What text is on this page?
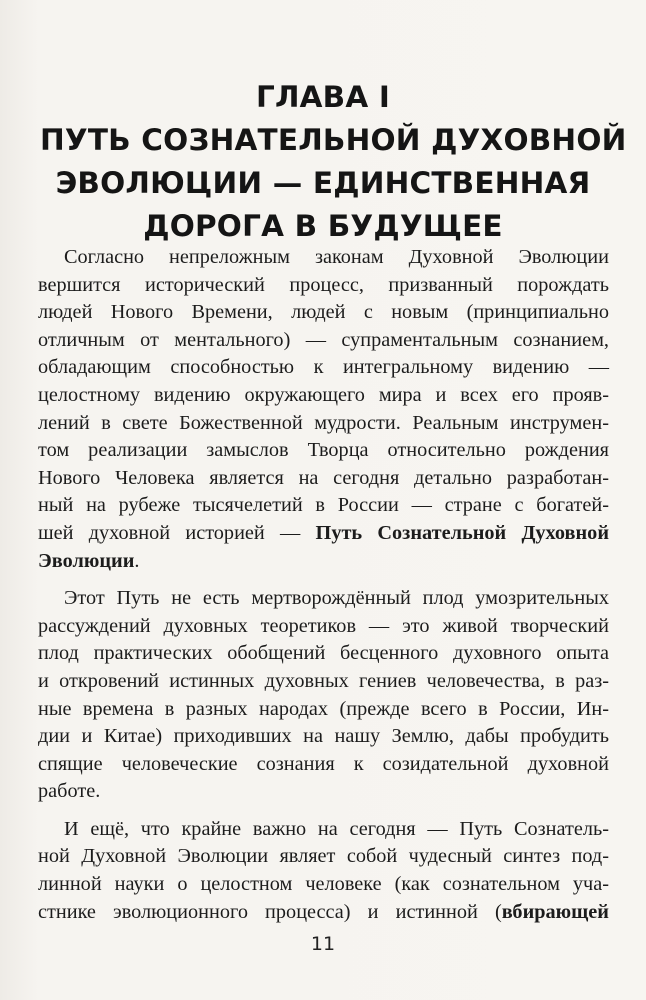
ГЛАВА I
ПУТЬ СОЗНАТЕЛЬНОЙ ДУХОВНОЙ
ЭВОЛЮЦИИ — ЕДИНСТВЕННАЯ
ДОРОГА В БУДУЩЕЕ
Согласно непреложным законам Духовной Эволюции
вершится исторический процесс, призванный порождать
людей Нового Времени, людей с новым (принципиально
отличным от ментального) — супраментальным сознанием,
обладающим способностью к интегральному видению —
целостному видению окружающего мира и всех его прояв-
лений в свете Божественной мудрости. Реальным инструмен-
том реализации замыслов Творца относительно рождения
Нового Человека является на сегодня детально разработан-
ный на рубеже тысячелетий в России — стране с богатей-
шей духовной историей — Путь Сознательной Духовной
Эволюции.
Этот Путь не есть мертворождённый плод умозрительных
рассуждений духовных теоретиков — это живой творческий
плод практических обобщений бесценного духовного опыта
и откровений истинных духовных гениев человечества, в раз-
ные времена в разных народах (прежде всего в России, Ин-
дии и Китае) приходивших на нашу Землю, дабы пробудить
спящие человеческие сознания к созидательной духовной
работе.
И ещё, что крайне важно на сегодня — Путь Сознатель-
ной Духовной Эволюции являет собой чудесный синтез под-
линной науки о целостном человеке (как сознательном уча-
стнике эволюционного процесса) и истинной (вбирающей
11
